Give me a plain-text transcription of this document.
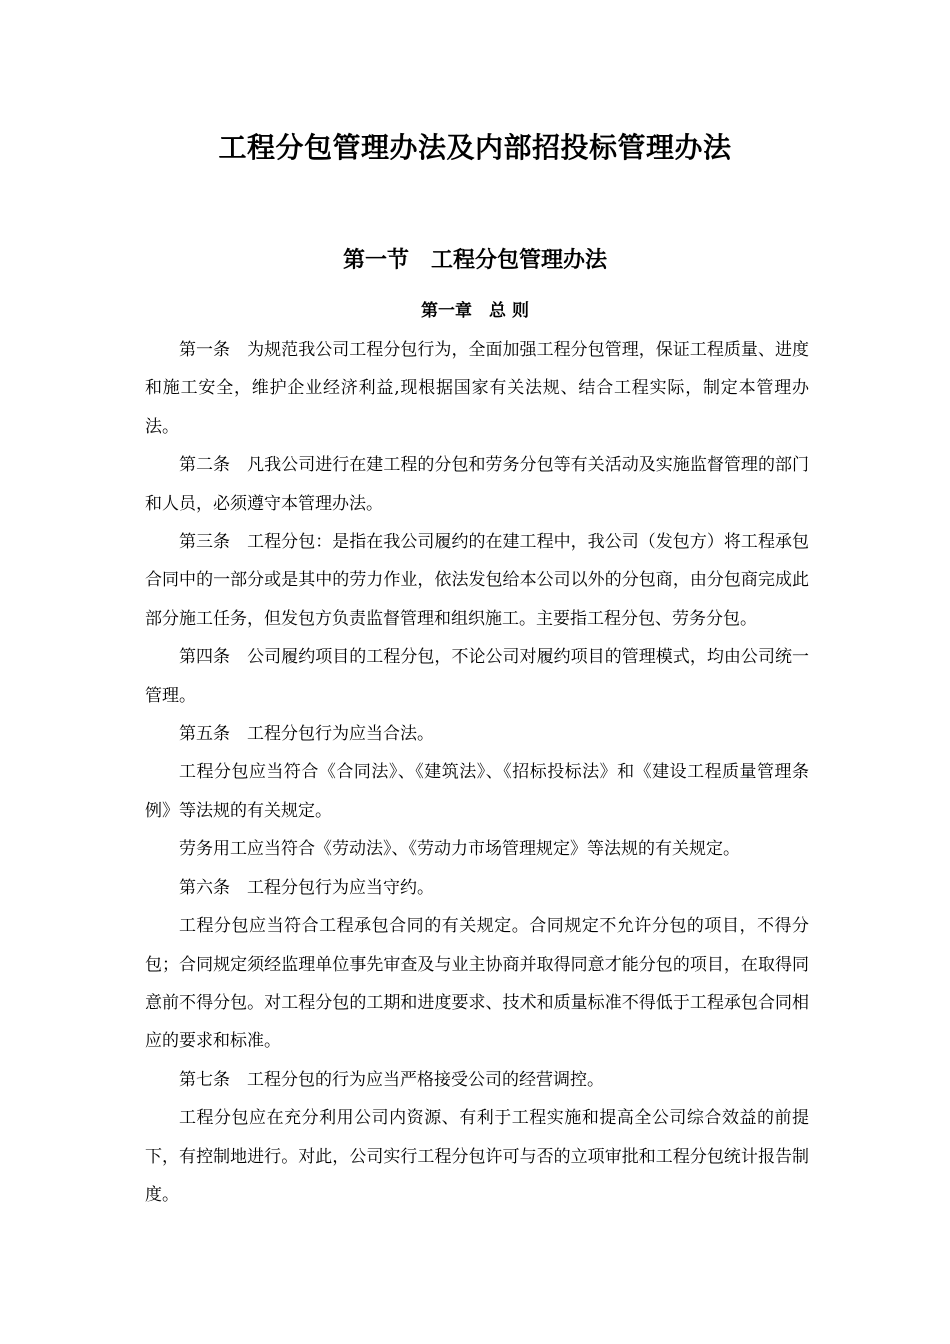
工程分包管理办法及内部招投标管理办法
第一节　工程分包管理办法
第一章　总 则

第一条　为规范我公司工程分包行为，全面加强工程分包管理，保证工程质量、进度和施工安全，维护企业经济利益,现根据国家有关法规、结合工程实际，制定本管理办法。

第二条　凡我公司进行在建工程的分包和劳务分包等有关活动及实施监督管理的部门和人员，必须遵守本管理办法。

第三条　工程分包：是指在我公司履约的在建工程中，我公司（发包方）将工程承包合同中的一部分或是其中的劳力作业，依法发包给本公司以外的分包商，由分包商完成此部分施工任务，但发包方负责监督管理和组织施工。主要指工程分包、劳务分包。

第四条　公司履约项目的工程分包，不论公司对履约项目的管理模式，均由公司统一管理。

第五条　工程分包行为应当合法。

工程分包应当符合《合同法》、《建筑法》、《招标投标法》和《建设工程质量管理条例》等法规的有关规定。

劳务用工应当符合《劳动法》、《劳动力市场管理规定》等法规的有关规定。

第六条　工程分包行为应当守约。

工程分包应当符合工程承包合同的有关规定。合同规定不允许分包的项目，不得分包；合同规定须经监理单位事先审查及与业主协商并取得同意才能分包的项目，在取得同意前不得分包。对工程分包的工期和进度要求、技术和质量标准不得低于工程承包合同相应的要求和标准。

第七条　工程分包的行为应当严格接受公司的经营调控。

工程分包应在充分利用公司内资源、有利于工程实施和提高全公司综合效益的前提下，有控制地进行。对此，公司实行工程分包许可与否的立项审批和工程分包统计报告制度。
